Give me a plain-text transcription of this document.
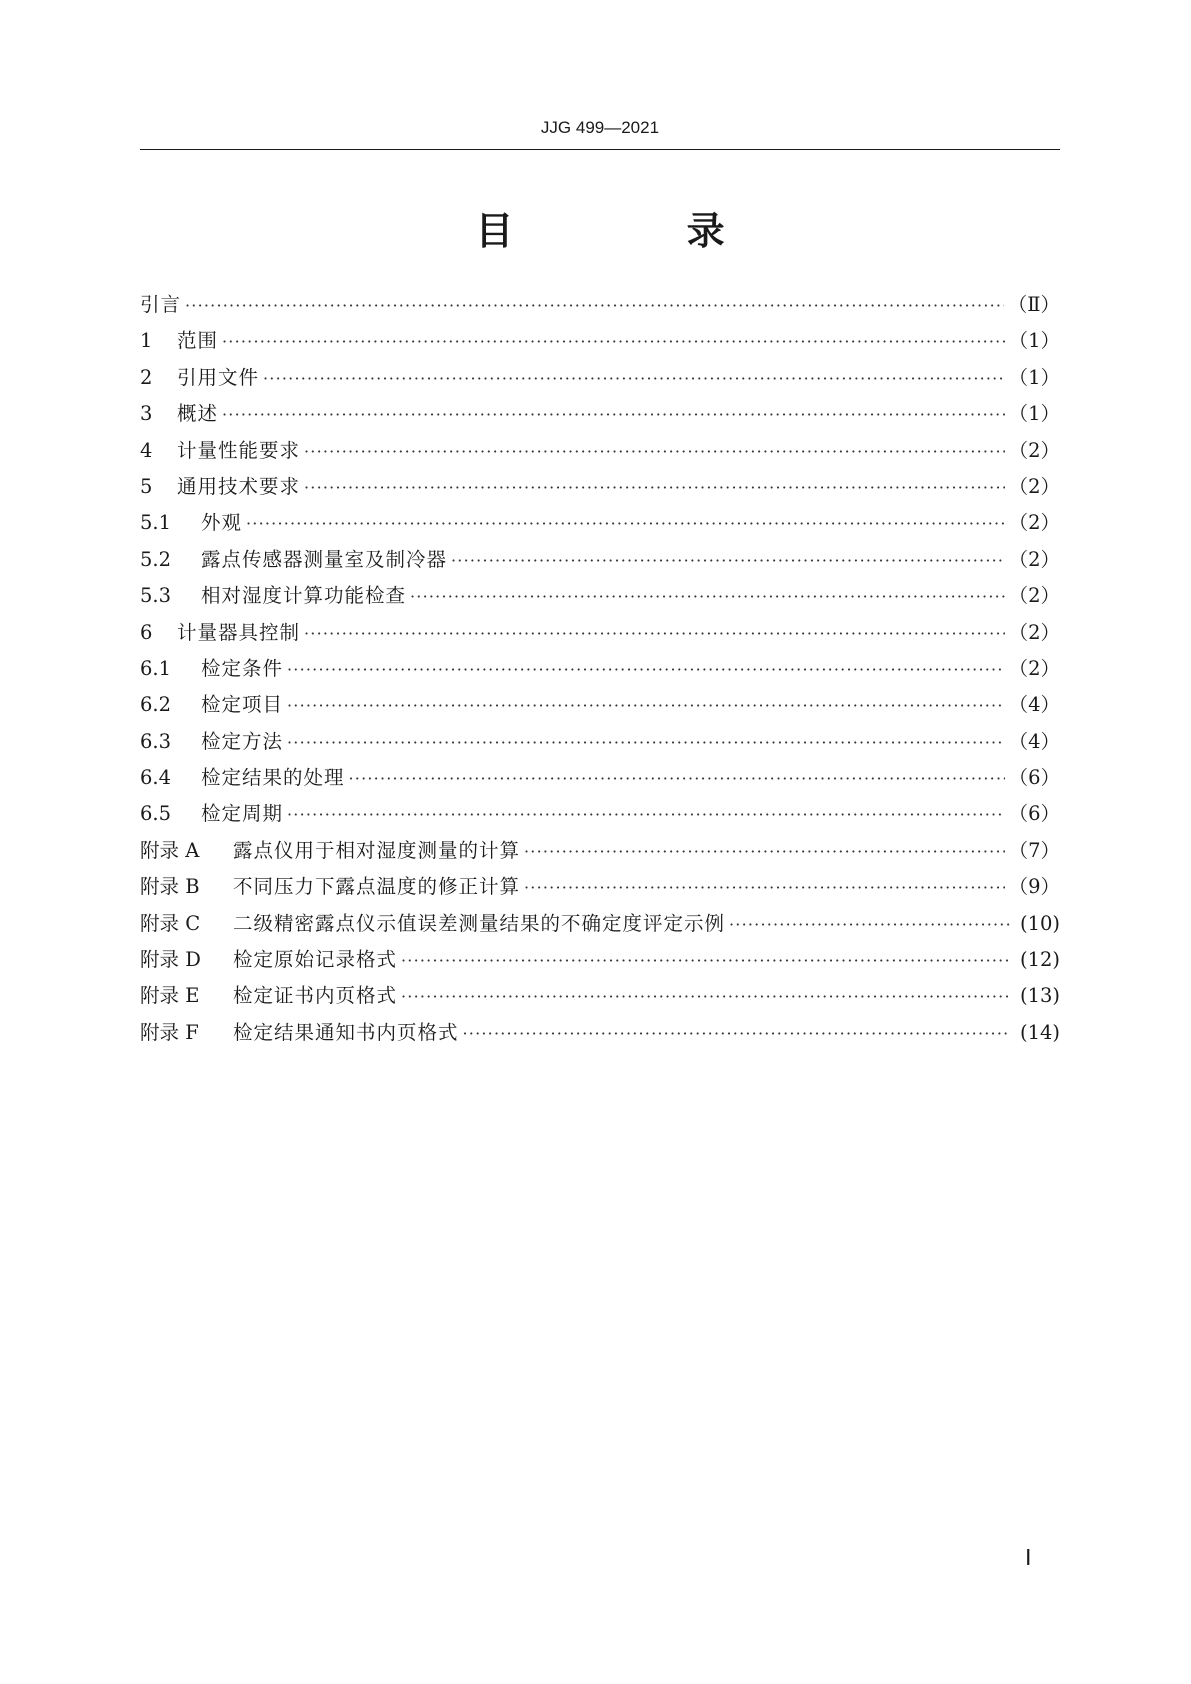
JJG 499—2021
目 录
引言 ·····	（Ⅱ）
1	范围 ·····	（1）
2	引用文件 ·····	（1）
3	概述 ·····	（1）
4	计量性能要求 ·····	（2）
5	通用技术要求 ·····	（2）
5.1	外观 ·····	（2）
5.2	露点传感器测量室及制冷器 ·····	（2）
5.3	相对湿度计算功能检查 ·····	（2）
6	计量器具控制 ·····	（2）
6.1	检定条件 ·····	（2）
6.2	检定项目 ·····	（4）
6.3	检定方法 ·····	（4）
6.4	检定结果的处理 ·····	（6）
6.5	检定周期 ·····	（6）
附录 A	露点仪用于相对湿度测量的计算 ·····	（7）
附录 B	不同压力下露点温度的修正计算 ·····	（9）
附录 C	二级精密露点仪示值误差测量结果的不确定度评定示例 ·····	(10)
附录 D	检定原始记录格式 ·····	(12)
附录 E	检定证书内页格式 ·····	(13)
附录 F	检定结果通知书内页格式 ·····	(14)
Ⅰ
